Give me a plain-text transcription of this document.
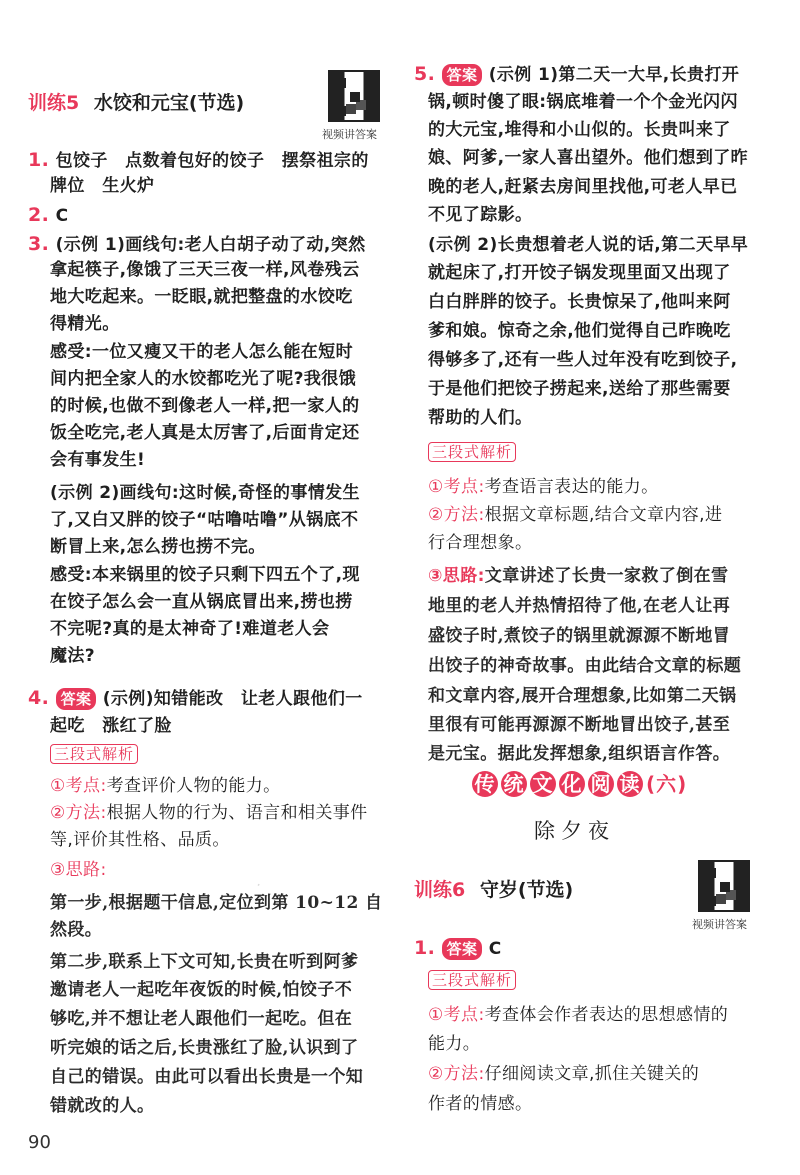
训练5 水饺和元宝(节选)
视频讲答案
1. 包饺子　点数着包好的饺子　摆祭祖宗的
牌位　生火炉
2. C
3. (示例 1)画线句:老人白胡子动了动,突然
拿起筷子,像饿了三天三夜一样,风卷残云
地大吃起来。一眨眼,就把整盘的水饺吃
得精光。
感受:一位又瘦又干的老人怎么能在短时
间内把全家人的水饺都吃光了呢?我很饿
的时候,也做不到像老人一样,把一家人的
饭全吃完,老人真是太厉害了,后面肯定还
会有事发生!
(示例 2)画线句:这时候,奇怪的事情发生
了,又白又胖的饺子“咕噜咕噜”从锅底不
断冒上来,怎么捞也捞不完。
感受:本来锅里的饺子只剩下四五个了,现
在饺子怎么会一直从锅底冒出来,捞也捞
不完呢?真的是太神奇了!难道老人会
魔法?
4. 答案 (示例)知错能改　让老人跟他们一
起吃　涨红了脸
三段式解析
①考点:考查评价人物的能力。
②方法:根据人物的行为、语言和相关事件
等,评价其性格、品质。
③思路:
第一步,根据题干信息,定位到第 10~12 自
然段。
第二步,联系上下文可知,长贵在听到阿爹
邀请老人一起吃年夜饭的时候,怕饺子不
够吃,并不想让老人跟他们一起吃。但在
听完娘的话之后,长贵涨红了脸,认识到了
自己的错误。由此可以看出长贵是一个知
错就改的人。
5. 答案 (示例 1)第二天一大早,长贵打开
锅,顿时傻了眼:锅底堆着一个个金光闪闪
的大元宝,堆得和小山似的。长贵叫来了
娘、阿爹,一家人喜出望外。他们想到了昨
晚的老人,赶紧去房间里找他,可老人早已
不见了踪影。
(示例 2)长贵想着老人说的话,第二天早早
就起床了,打开饺子锅发现里面又出现了
白白胖胖的饺子。长贵惊呆了,他叫来阿
爹和娘。惊奇之余,他们觉得自己昨晚吃
得够多了,还有一些人过年没有吃到饺子,
于是他们把饺子捞起来,送给了那些需要
帮助的人们。
三段式解析
①考点:考查语言表达的能力。
②方法:根据文章标题,结合文章内容,进
行合理想象。
③思路:文章讲述了长贵一家救了倒在雪
地里的老人并热情招待了他,在老人让再
盛饺子时,煮饺子的锅里就源源不断地冒
出饺子的神奇故事。由此结合文章的标题
和文章内容,展开合理想象,比如第二天锅
里很有可能再源源不断地冒出饺子,甚至
是元宝。据此发挥想象,组织语言作答。
传 统 文 化 阅 读 (六)
除夕夜
训练6 守岁(节选)
视频讲答案
1. 答案 C
三段式解析
①考点:考查体会作者表达的思想感情的
能力。
②方法:仔细阅读文章,抓住关键关的
作者的情感。
·
90
